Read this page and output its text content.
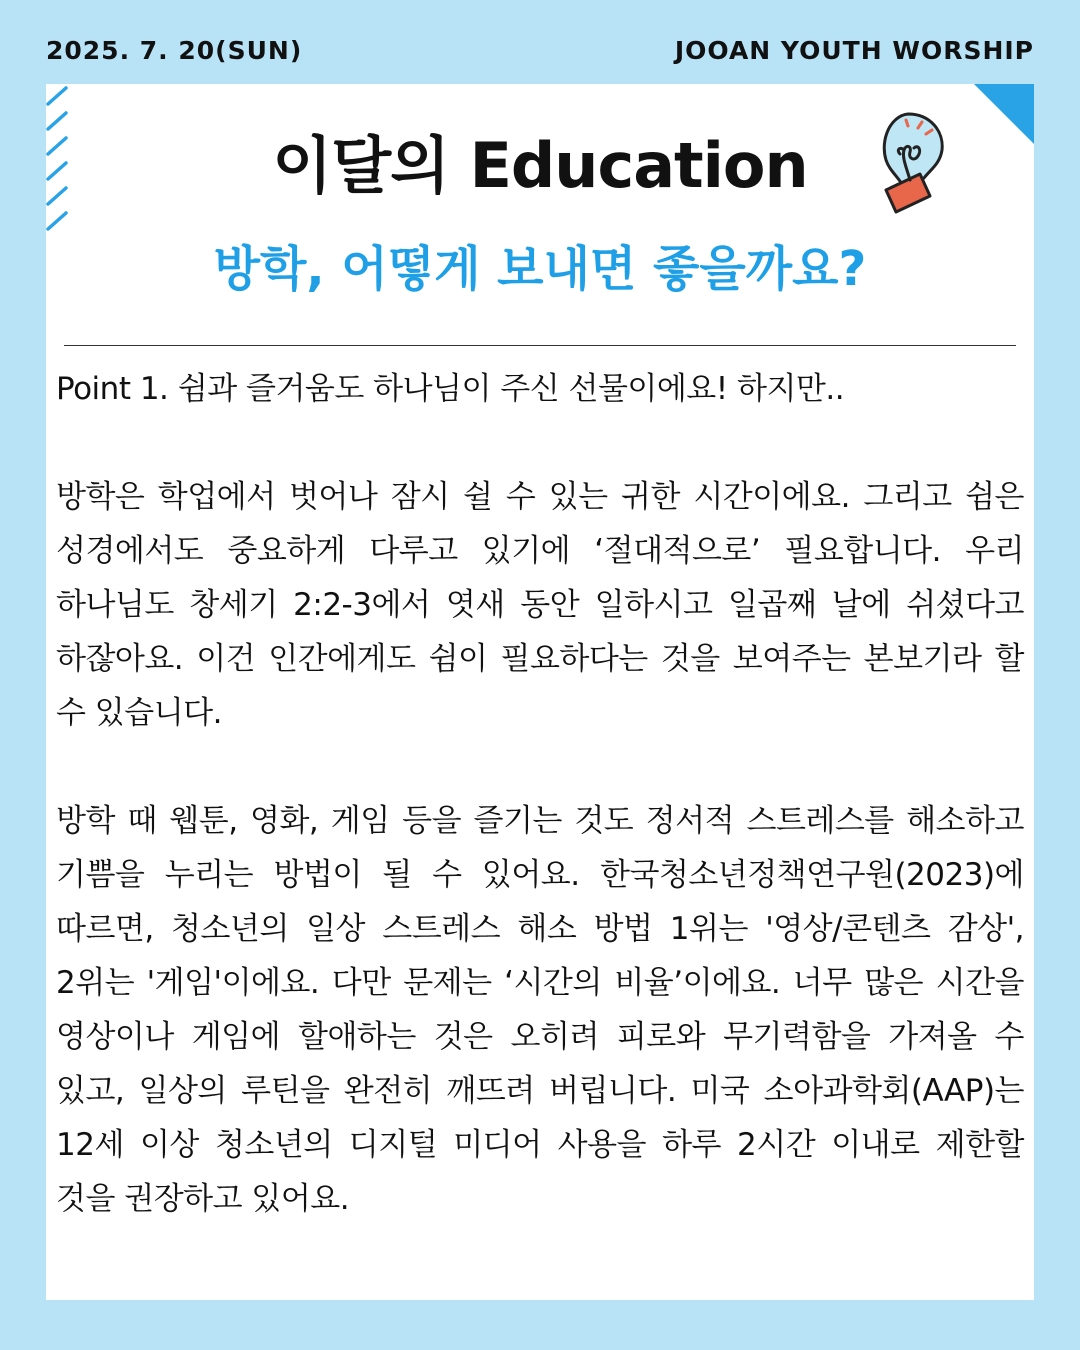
2025. 7. 20(SUN)	JOOAN YOUTH WORSHIP
이달의 Education
방학, 어떻게 보내면 좋을까요?

Point 1. 쉼과 즐거움도 하나님이 주신 선물이에요! 하지만..

방학은 학업에서 벗어나 잠시 쉴 수 있는 귀한 시간이에요. 그리고 쉼은 성경에서도 중요하게 다루고 있기에 ‘절대적으로’ 필요합니다. 우리 하나님도 창세기 2:2-3에서 엿새 동안 일하시고 일곱째 날에 쉬셨다고 하잖아요. 이건 인간에게도 쉼이 필요하다는 것을 보여주는 본보기라 할 수 있습니다.

방학 때 웹툰, 영화, 게임 등을 즐기는 것도 정서적 스트레스를 해소하고 기쁨을 누리는 방법이 될 수 있어요. 한국청소년정책연구원(2023)에 따르면, 청소년의 일상 스트레스 해소 방법 1위는 '영상/콘텐츠 감상', 2위는 '게임'이에요. 다만 문제는 ‘시간의 비율’이에요. 너무 많은 시간을 영상이나 게임에 할애하는 것은 오히려 피로와 무기력함을 가져올 수 있고, 일상의 루틴을 완전히 깨뜨려 버립니다. 미국 소아과학회(AAP)는 12세 이상 청소년의 디지털 미디어 사용을 하루 2시간 이내로 제한할 것을 권장하고 있어요.
